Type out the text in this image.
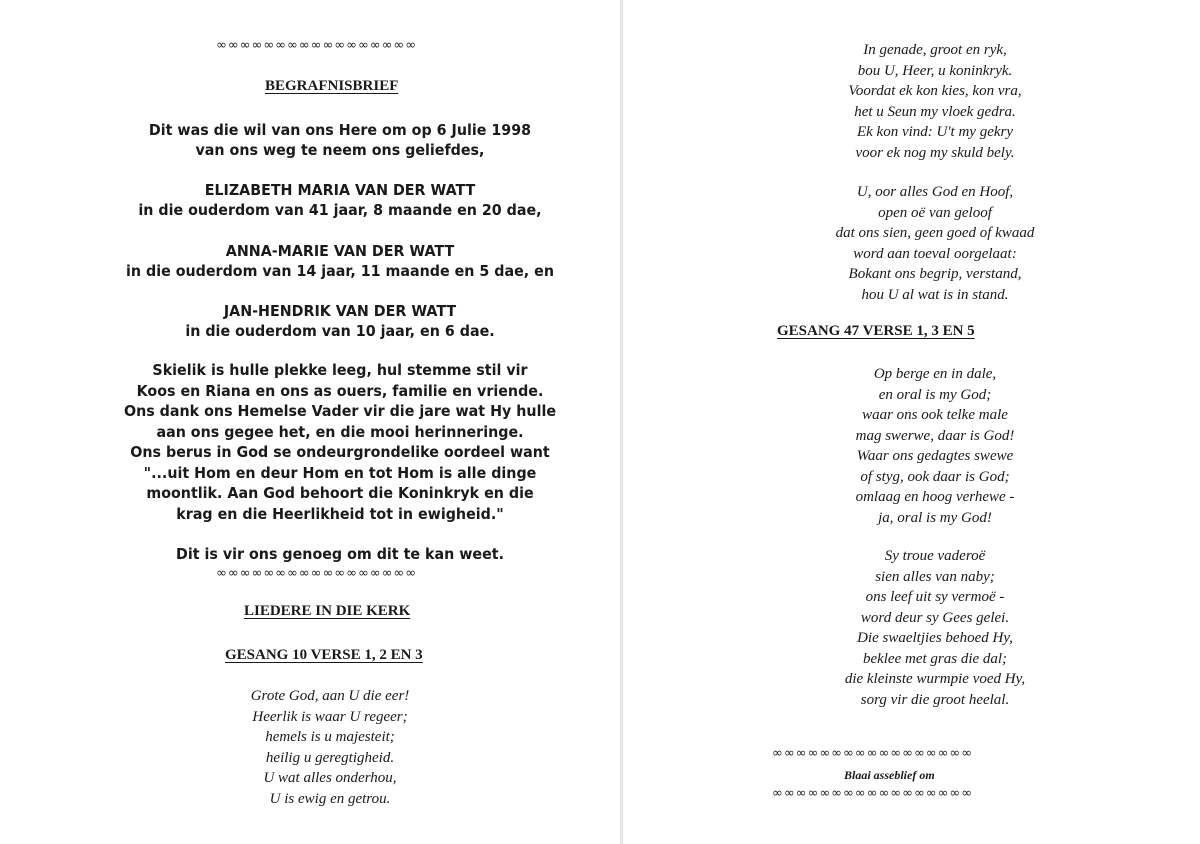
∞∞∞∞∞∞∞∞∞∞∞∞∞∞∞∞∞
BEGRAFNISBRIEF
Dit was die wil van ons Here om op 6 Julie 1998
van ons weg te neem ons geliefdes,
ELIZABETH MARIA VAN DER WATT
in die ouderdom van 41 jaar, 8 maande en 20 dae,
ANNA-MARIE VAN DER WATT
in die ouderdom van 14 jaar, 11 maande en 5 dae, en
JAN-HENDRIK VAN DER WATT
in die ouderdom van 10 jaar, en 6 dae.
Skielik is hulle plekke leeg, hul stemme stil vir
Koos en Riana en ons as ouers, familie en vriende.
Ons dank ons Hemelse Vader vir die jare wat Hy hulle
aan ons gegee het, en die mooi herinneringe.
Ons berus in God se ondeurgrondelike oordeel want
"...uit Hom en deur Hom en tot Hom is alle dinge
moontlik. Aan God behoort die Koninkryk en die
krag en die Heerlikheid tot in ewigheid."
Dit is vir ons genoeg om dit te kan weet.
∞∞∞∞∞∞∞∞∞∞∞∞∞∞∞∞∞
LIEDERE IN DIE KERK
GESANG 10 VERSE 1, 2 EN 3
Grote God, aan U die eer!
Heerlik is waar U regeer;
hemels is u majesteit;
heilig u geregtigheid.
U wat alles onderhou,
U is ewig en getrou.
In genade, groot en ryk,
bou U, Heer, u koninkryk.
Voordat ek kon kies, kon vra,
het u Seun my vloek gedra.
Ek kon vind: U't my gekry
voor ek nog my skuld bely.
U, oor alles God en Hoof,
open oë van geloof
dat ons sien, geen goed of kwaad
word aan toeval oorgelaat:
Bokant ons begrip, verstand,
hou U al wat is in stand.
GESANG 47 VERSE 1, 3 EN 5
Op berge en in dale,
en oral is my God;
waar ons ook telke male
mag swerwe, daar is God!
Waar ons gedagtes swewe
of styg, ook daar is God;
omlaag en hoog verhewe -
ja, oral is my God!
Sy troue vaderoë
sien alles van naby;
ons leef uit sy vermoë -
word deur sy Gees gelei.
Die swaeltjies behoed Hy,
beklee met gras die dal;
die kleinste wurmpie voed Hy,
sorg vir die groot heelal.
∞∞∞∞∞∞∞∞∞∞∞∞∞∞∞∞∞
Blaai asseblief om
∞∞∞∞∞∞∞∞∞∞∞∞∞∞∞∞∞
